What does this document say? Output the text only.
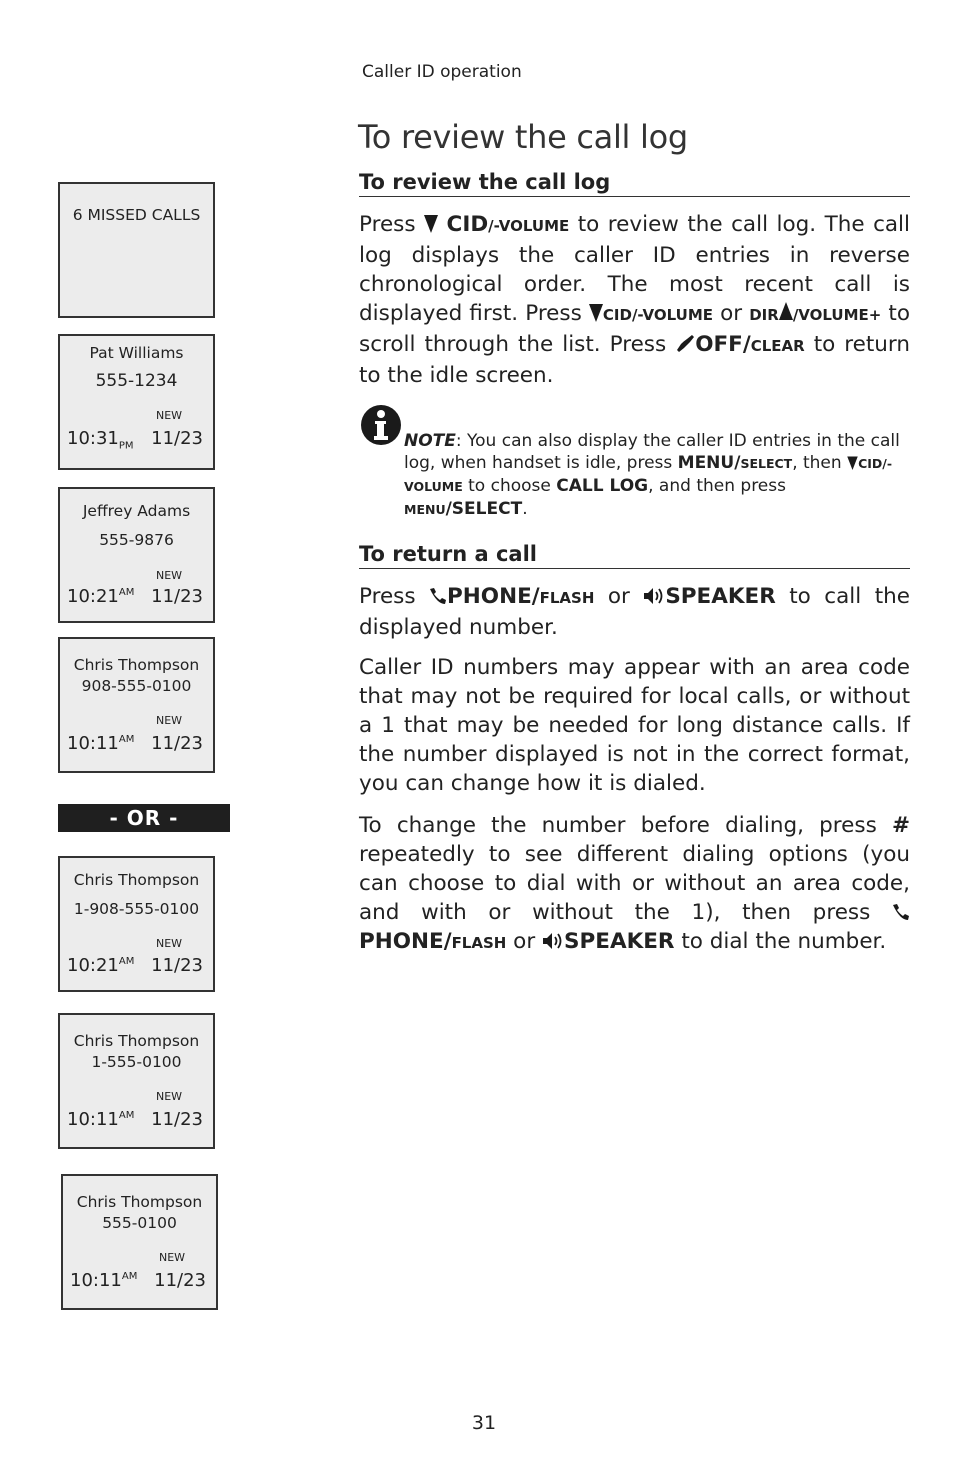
Caller ID operation
To review the call log
To review the call log

Press  CID/-VOLUME to review the call log. The call log displays the caller ID entries in reverse chronological order. The most recent call is displayed first. Press CID/-VOLUME or DIR /VOLUME+ to scroll through the list. Press OFF/CLEAR to return to the idle screen.

NOTE: You can also display the caller ID entries in the call log, when handset is idle, press MENU/SELECT, then CID/-VOLUME to choose CALL LOG, and then press MENU/SELECT.
To return a call

Press PHONE/FLASH or SPEAKER to call the displayed number.

Caller ID numbers may appear with an area code that may not be required for local calls, or without a 1 that may be needed for long distance calls. If the number displayed is not in the correct format, you can change how it is dialed.

To change the number before dialing, press # repeatedly to see different dialing options (you can choose to dial with or without an area code, and with or without the 1), then press PHONE/FLASH or SPEAKER to dial the number.

6 MISSED CALLS
Pat Williams
555-1234
NEW
$10:31_{PM}$ 11/23
Jeffrey Adams
555-9876
NEW
$10:21^{AM}$ 11/23
Chris Thompson
908-555-0100
NEW
$10:11^{AM}$ 11/23
- OR -
Chris Thompson
1-908-555-0100
NEW
$10:21^{AM}$ 11/23
Chris Thompson
1-555-0100
NEW
$10:11^{AM}$ 11/23
Chris Thompson
555-0100
NEW
$10:11^{AM}$ 11/23
31
